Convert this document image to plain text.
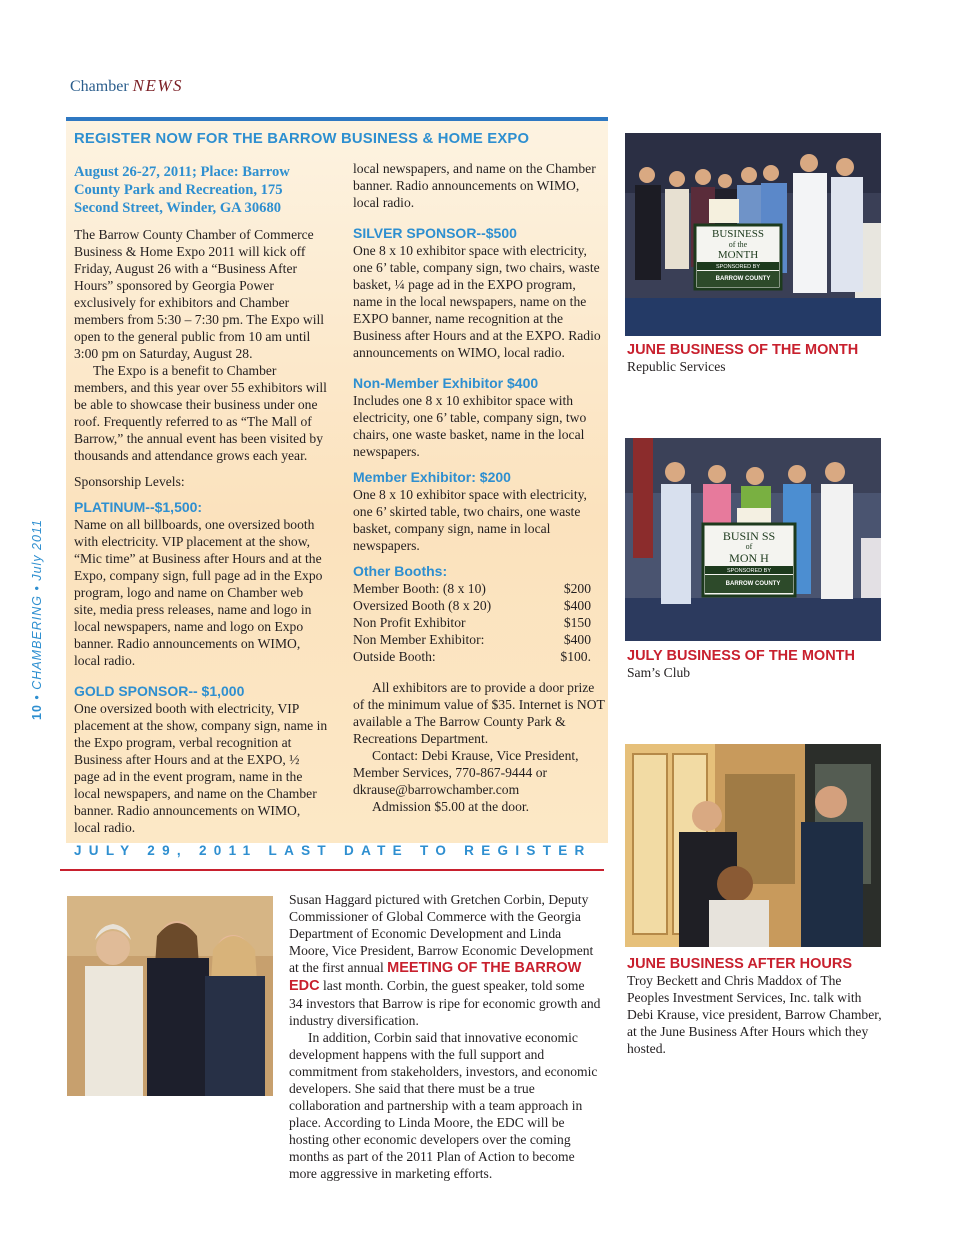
Chamber NEWS
10 • CHAMBERING • July 2011
REGISTER NOW FOR THE BARROW BUSINESS & HOME EXPO
August 26-27, 2011; Place: Barrow
County Park and Recreation, 175
Second Street, Winder, GA 30680

The Barrow County Chamber of Commerce Business & Home Expo 2011 will kick off Friday, August 26 with a “Business After Hours” sponsored by Georgia Power exclusively for exhibitors and Chamber members from 5:30 – 7:30 pm. The Expo will open to the general public from 10 am until 3:00 pm on Saturday, August 28.

The Expo is a benefit to Chamber members, and this year over 55 exhibitors will be able to showcase their business under one roof. Frequently referred to as “The Mall of Barrow,” the annual event has been visited by thousands and attendance grows each year.

Sponsorship Levels:

PLATINUM--$1,500:

Name on all billboards, one oversized booth with electricity. VIP placement at the show, “Mic time” at Business after Hours and at the Expo, company sign, full page ad in the Expo program, logo and name on Chamber web site, media press releases, name and logo in local newspapers, name and logo on Expo banner. Radio announcements on WIMO, local radio.

GOLD SPONSOR-- $1,000

One oversized booth with electricity, VIP placement at the show, company sign, name in the Expo program, verbal recognition at Business after Hours and at the EXPO, ½ page ad in the event program, name in the local newspapers, and name on the Chamber banner. Radio announcements on WIMO, local radio.

local newspapers, and name on the Chamber banner. Radio announcements on WIMO, local radio.

SILVER SPONSOR--$500

One 8 x 10 exhibitor space with electricity, one 6’ table, company sign, two chairs, waste basket, ¼ page ad in the EXPO program, name in the local newspapers, name on the EXPO banner, name recognition at the Business after Hours and at the EXPO. Radio announcements on WIMO, local radio.

Non-Member Exhibitor $400

Includes one 8 x 10 exhibitor space with electricity, one 6’ table, company sign, two chairs, one waste basket, name in the local newspapers.

Member Exhibitor: $200

One 8 x 10 exhibitor space with electricity, one 6’ skirted table, two chairs, one waste basket, company sign, name in local newspapers.

Other Booths:

Member Booth: (8 x 10)	$200
Oversized Booth (8 x 20)	$400
Non Profit Exhibitor	$150
Non Member Exhibitor:	$400
Outside Booth:	$100.

All exhibitors are to provide a door prize of the minimum value of $35. Internet is NOT available a The Barrow County Park & Recreations Department.

Contact: Debi Krause, Vice President, Member Services, 770-867-9444 or dkrause@barrowchamber.com

Admission $5.00 at the door.

JULY 29, 2011 LAST DATE TO REGISTER
BUSINESS
of the
MONTH
SPONSORED BY
BARROW COUNTY

JUNE BUSINESS OF THE MONTH

Republic Services

BUSIN SS
of
MON H
SPONSORED BY
BARROW COUNTY

JULY BUSINESS OF THE MONTH

Sam’s Club

JUNE BUSINESS AFTER HOURS

Troy Beckett and Chris Maddox of The Peoples Investment Services, Inc. talk with Debi Krause, vice president, Barrow Chamber, at the June Business After Hours which they hosted.

Susan Haggard pictured with Gretchen Corbin, Deputy Commissioner of Global Commerce with the Georgia Department of Economic Development and Linda Moore, Vice President, Barrow Economic Development at the first annual MEETING OF THE BARROW EDC last month. Corbin, the guest speaker, told some 34 investors that Barrow is ripe for economic growth and industry diversification.

In addition, Corbin said that innovative economic development happens with the full support and commitment from stakeholders, investors, and economic developers. She said that there must be a true collaboration and partnership with a team approach in place. According to Linda Moore, the EDC will be hosting other economic developers over the coming months as part of the 2011 Plan of Action to become more aggressive in marketing efforts.
